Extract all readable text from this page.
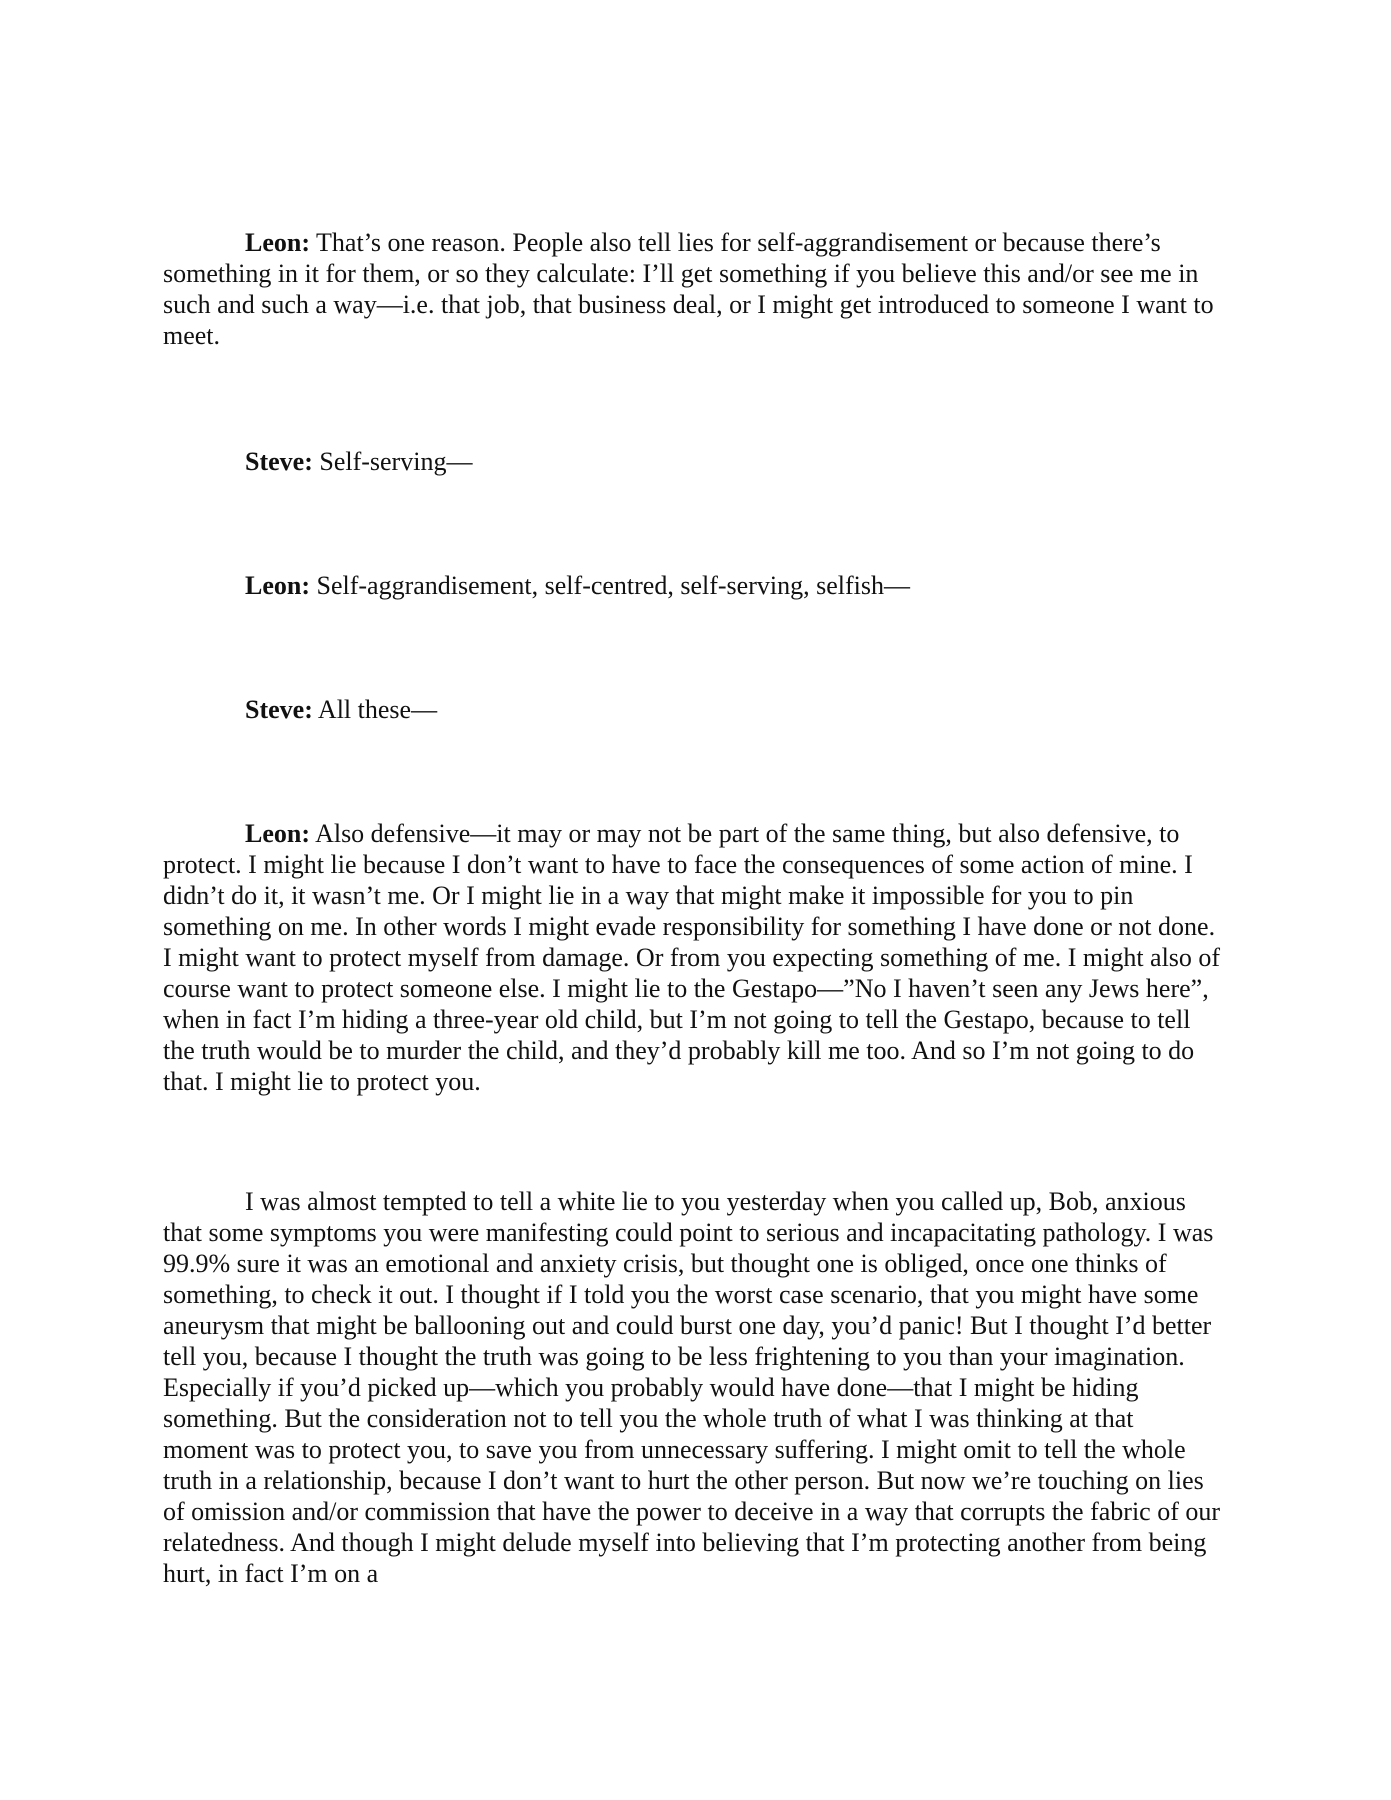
Leon: That’s one reason. People also tell lies for self-aggrandisement or because there’s something in it for them, or so they calculate: I’ll get something if you believe this and/or see me in such and such a way—i.e. that job, that business deal, or I might get introduced to someone I want to meet.

Steve: Self-serving—

Leon: Self-aggrandisement, self-centred, self-serving, selfish—

Steve: All these—

Leon: Also defensive—it may or may not be part of the same thing, but also defensive, to protect. I might lie because I don’t want to have to face the consequences of some action of mine. I didn’t do it, it wasn’t me. Or I might lie in a way that might make it impossible for you to pin something on me. In other words I might evade responsibility for something I have done or not done. I might want to protect myself from damage. Or from you expecting something of me. I might also of course want to protect someone else. I might lie to the Gestapo—”No I haven’t seen any Jews here”, when in fact I’m hiding a three-year old child, but I’m not going to tell the Gestapo, because to tell the truth would be to murder the child, and they’d probably kill me too. And so I’m not going to do that. I might lie to protect you.

I was almost tempted to tell a white lie to you yesterday when you called up, Bob, anxious that some symptoms you were manifesting could point to serious and incapacitating pathology. I was 99.9% sure it was an emotional and anxiety crisis, but thought one is obliged, once one thinks of something, to check it out. I thought if I told you the worst case scenario, that you might have some aneurysm that might be ballooning out and could burst one day, you’d panic! But I thought I’d better tell you, because I thought the truth was going to be less frightening to you than your imagination. Especially if you’d picked up—which you probably would have done—that I might be hiding something. But the consideration not to tell you the whole truth of what I was thinking at that moment was to protect you, to save you from unnecessary suffering. I might omit to tell the whole truth in a relationship, because I don’t want to hurt the other person. But now we’re touching on lies of omission and/or commission that have the power to deceive in a way that corrupts the fabric of our relatedness. And though I might delude myself into believing that I’m protecting another from being hurt, in fact I’m on a
